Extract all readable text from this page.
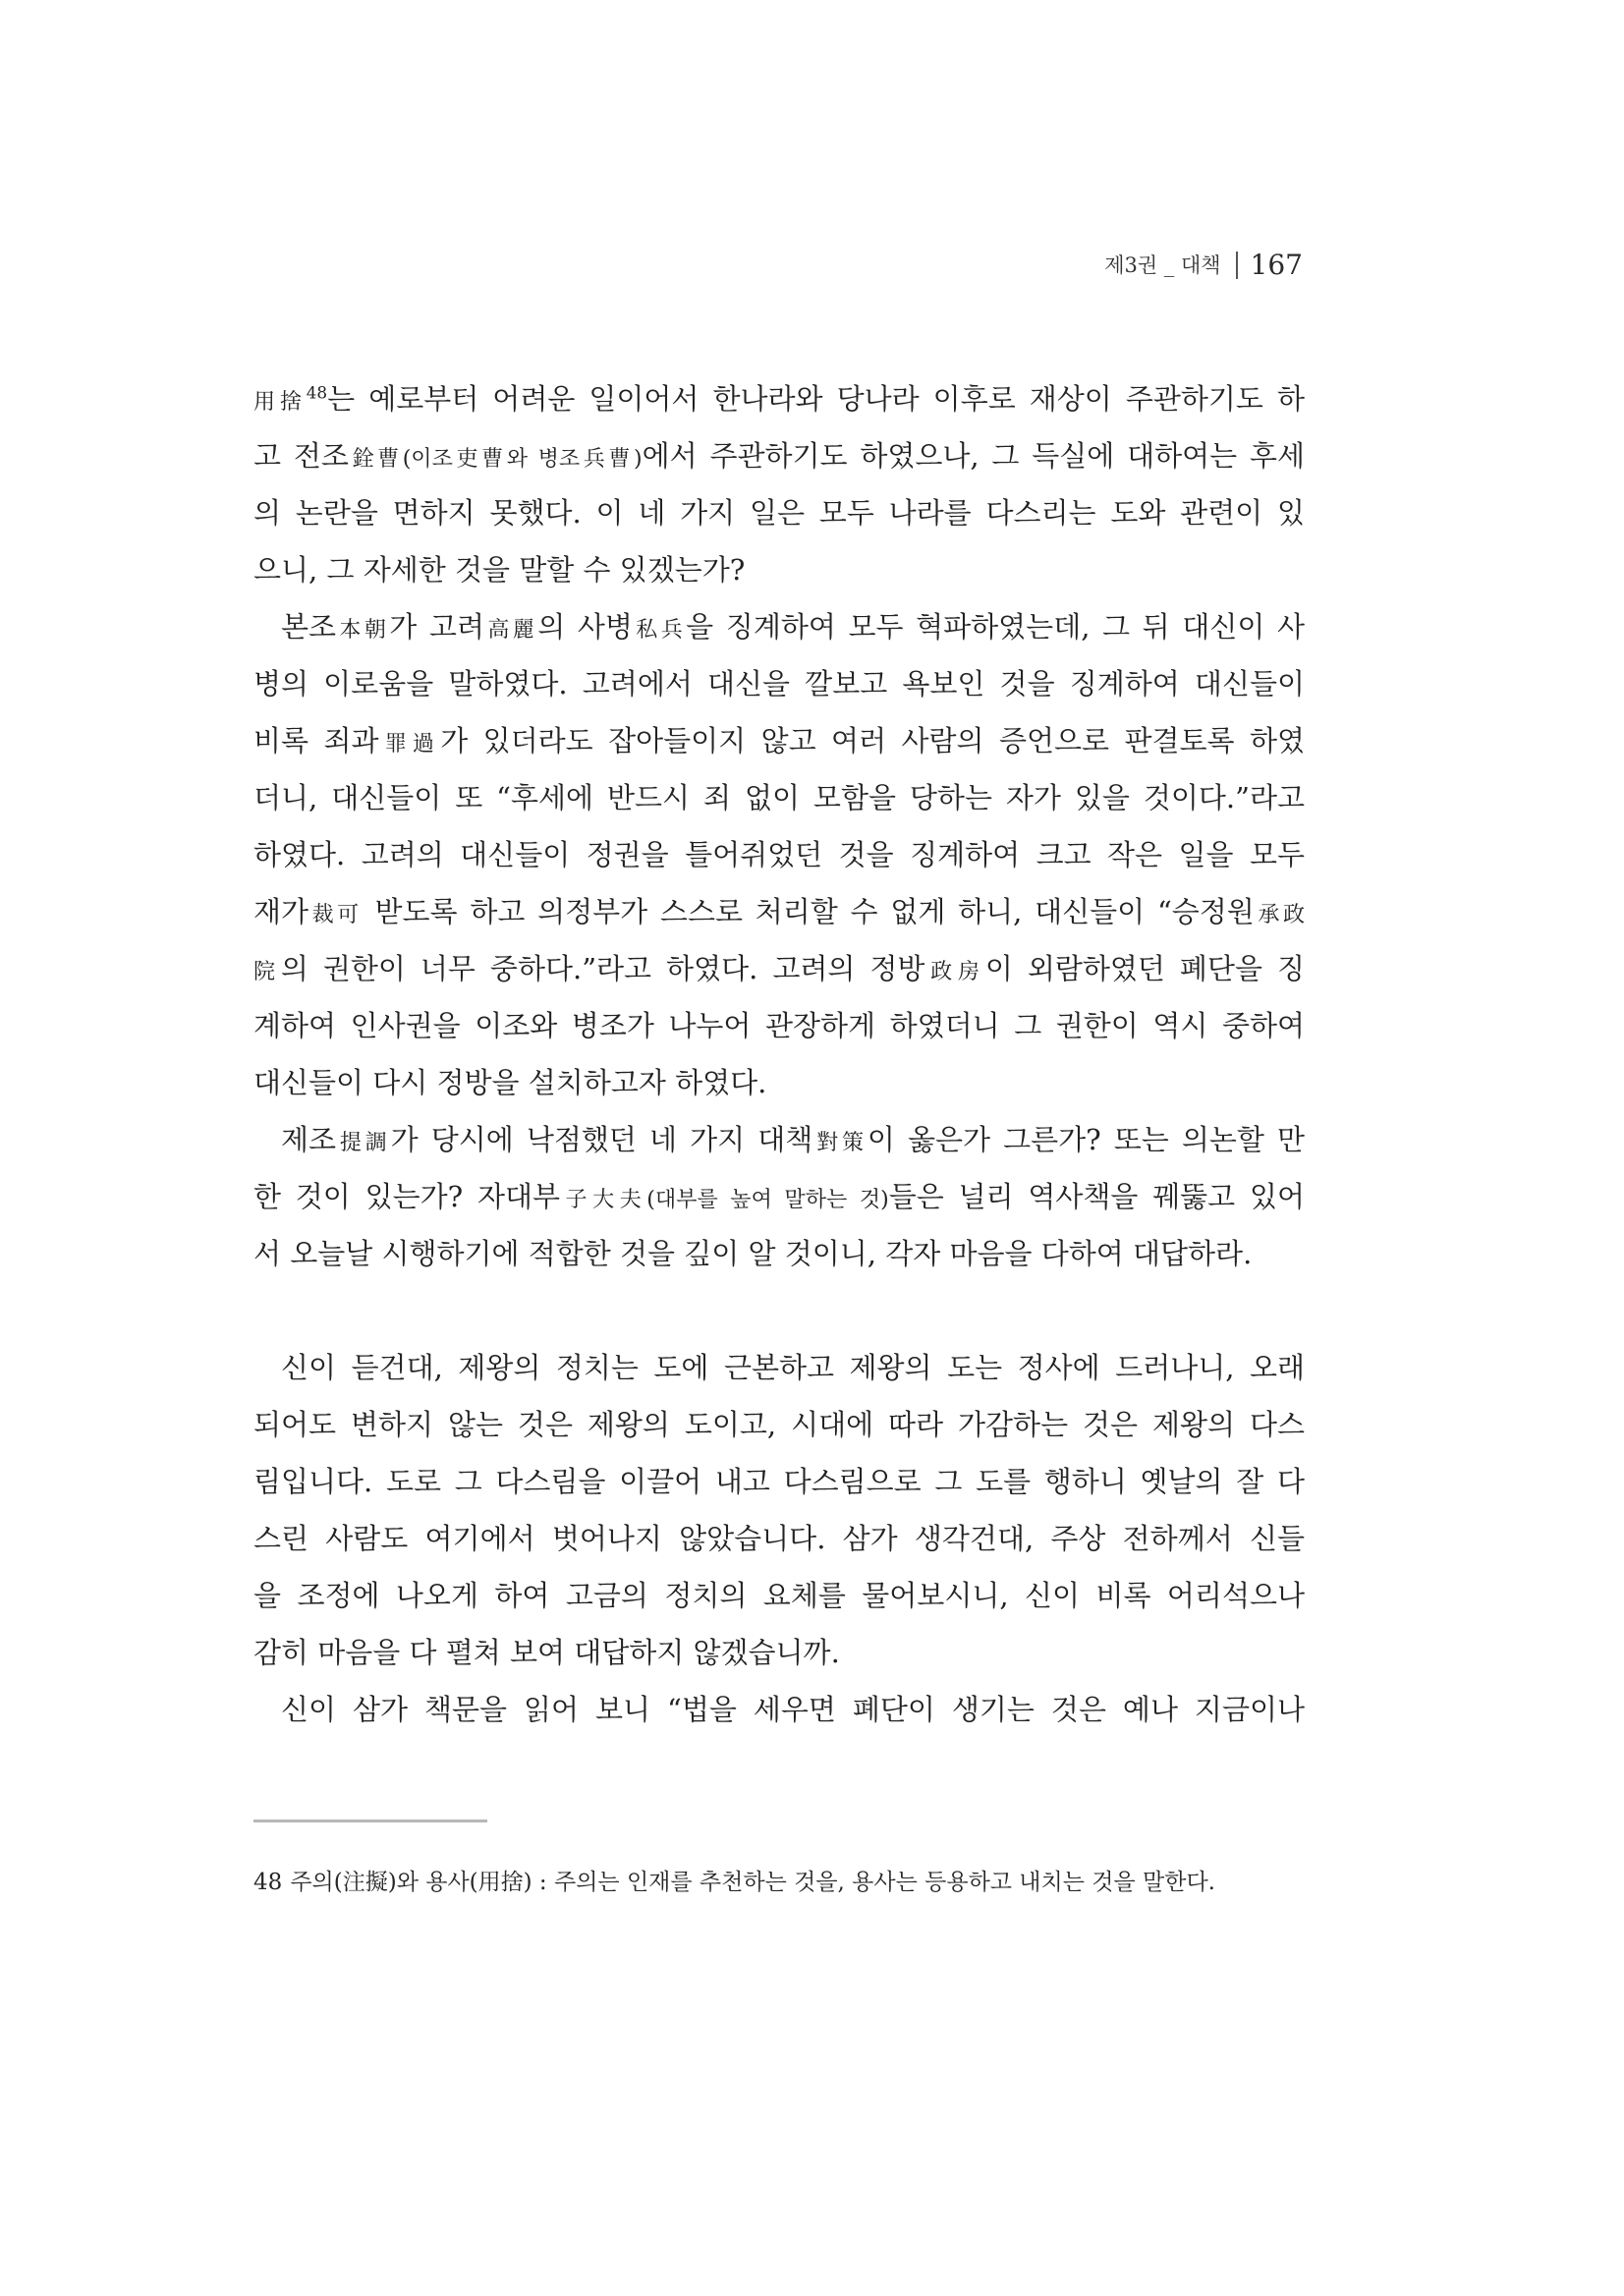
제3권 _ 대책 167
用捨$^{48}$는 예로부터 어려운 일이어서 한나라와 당나라 이후로 재상이 주관하기도 하
고 전조銓曹(이조吏曹와 병조兵曹)에서 주관하기도 하였으나, 그 득실에 대하여는 후세
의 논란을 면하지 못했다. 이 네 가지 일은 모두 나라를 다스리는 도와 관련이 있
으니, 그 자세한 것을 말할 수 있겠는가?
본조本朝가 고려高麗의 사병私兵을 징계하여 모두 혁파하였는데, 그 뒤 대신이 사
병의 이로움을 말하였다. 고려에서 대신을 깔보고 욕보인 것을 징계하여 대신들이
비록 죄과罪過가 있더라도 잡아들이지 않고 여러 사람의 증언으로 판결토록 하였
더니, 대신들이 또 “후세에 반드시 죄 없이 모함을 당하는 자가 있을 것이다.”라고
하였다. 고려의 대신들이 정권을 틀어쥐었던 것을 징계하여 크고 작은 일을 모두
재가裁可 받도록 하고 의정부가 스스로 처리할 수 없게 하니, 대신들이 “승정원承政
院의 권한이 너무 중하다.”라고 하였다. 고려의 정방政房이 외람하였던 폐단을 징
계하여 인사권을 이조와 병조가 나누어 관장하게 하였더니 그 권한이 역시 중하여
대신들이 다시 정방을 설치하고자 하였다.
제조提調가 당시에 낙점했던 네 가지 대책對策이 옳은가 그른가? 또는 의논할 만
한 것이 있는가? 자대부子大夫(대부를 높여 말하는 것)들은 널리 역사책을 꿰뚫고 있어
서 오늘날 시행하기에 적합한 것을 깊이 알 것이니, 각자 마음을 다하여 대답하라.
신이 듣건대, 제왕의 정치는 도에 근본하고 제왕의 도는 정사에 드러나니, 오래
되어도 변하지 않는 것은 제왕의 도이고, 시대에 따라 가감하는 것은 제왕의 다스
림입니다. 도로 그 다스림을 이끌어 내고 다스림으로 그 도를 행하니 옛날의 잘 다
스린 사람도 여기에서 벗어나지 않았습니다. 삼가 생각건대, 주상 전하께서 신들
을 조정에 나오게 하여 고금의 정치의 요체를 물어보시니, 신이 비록 어리석으나
감히 마음을 다 펼쳐 보여 대답하지 않겠습니까.
신이 삼가 책문을 읽어 보니 “법을 세우면 폐단이 생기는 것은 예나 지금이나
48 주의(注擬)와 용사(用捨) : 주의는 인재를 추천하는 것을, 용사는 등용하고 내치는 것을 말한다.
